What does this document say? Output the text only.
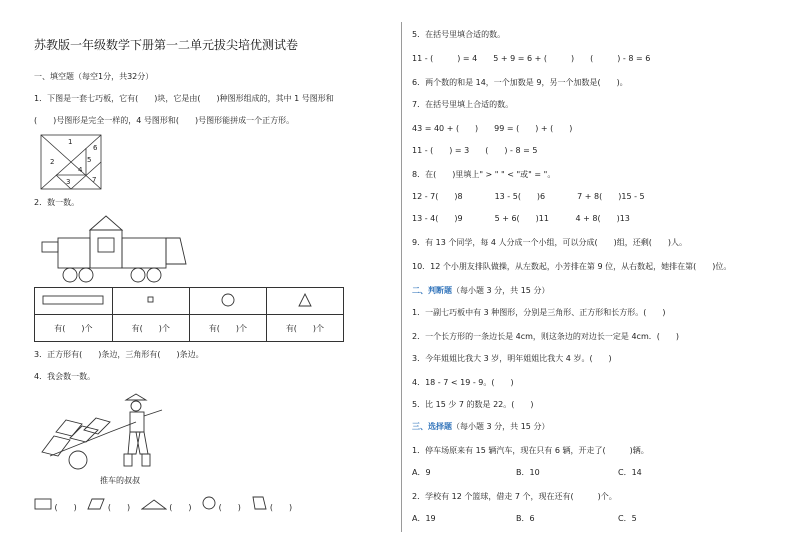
苏教版一年级数学下册第一二单元拔尖培优测试卷
一、填空题（每空1分，共32分）
1．下图是一套七巧板，它有(　　)块，它是由(　　)种图形组成的，其中 1 号图形和
(　　)号图形是完全一样的，4 号图形和(　　)号图形能拼成一个正方形。
1
2
3
4
5
6
7
2．数一数。

有(　　)个	有(　　)个	有(　　)个	有(　　)个
3．正方形有(　　)条边，三角形有(　　)条边。
4．我会数一数。
推车的叔叔
(　　)	(　　)	(　　)	(　　)	(　　)
5．在括号里填合适的数。
11 - (　　　) = 4　　5 + 9 = 6 + (　　　)　　(　　　) - 8 = 6
6．两个数的和是 14，一个加数是 9，另一个加数是(　　)。
7．在括号里填上合适的数。
43 = 40 + (　　)　　99 = (　　) + (　　)
11 - (　　) = 3　　(　　) - 8 = 5
8．在(　　)里填上" > " " < "或" = "。
12 - 7(　　)8　　　　13 - 5(　　)6　　　　7 + 8(　　)15 - 5
13 - 4(　　)9　　　　5 + 6(　　)11　　　 4 + 8(　　)13
9．有 13 个同学，每 4 人分成一个小组，可以分成(　　)组，还剩(　　)人。
10．12 个小朋友排队做操，从左数起，小芳排在第 9 位，从右数起，她排在第(　　)位。
二、判断题（每小题 3 分，共 15 分）
1．一副七巧板中有 3 种图形，分别是三角形、正方形和长方形。(　　)
2．一个长方形的一条边长是 4cm，则这条边的对边长一定是 4cm．(　　)
3．今年姐姐比我大 3 岁，明年姐姐比我大 4 岁。(　　)
4．18 - 7 < 19 - 9。(　　)
5．比 15 少 7 的数是 22。(　　)
三、选择题（每小题 3 分，共 15 分）
1．停车场原来有 15 辆汽车，现在只有 6 辆，开走了(　　　)辆。
A．9	B．10	C．14
2．学校有 12 个篮球，借走 7 个，现在还有(　　　)个。
A．19	B．6	C．5
